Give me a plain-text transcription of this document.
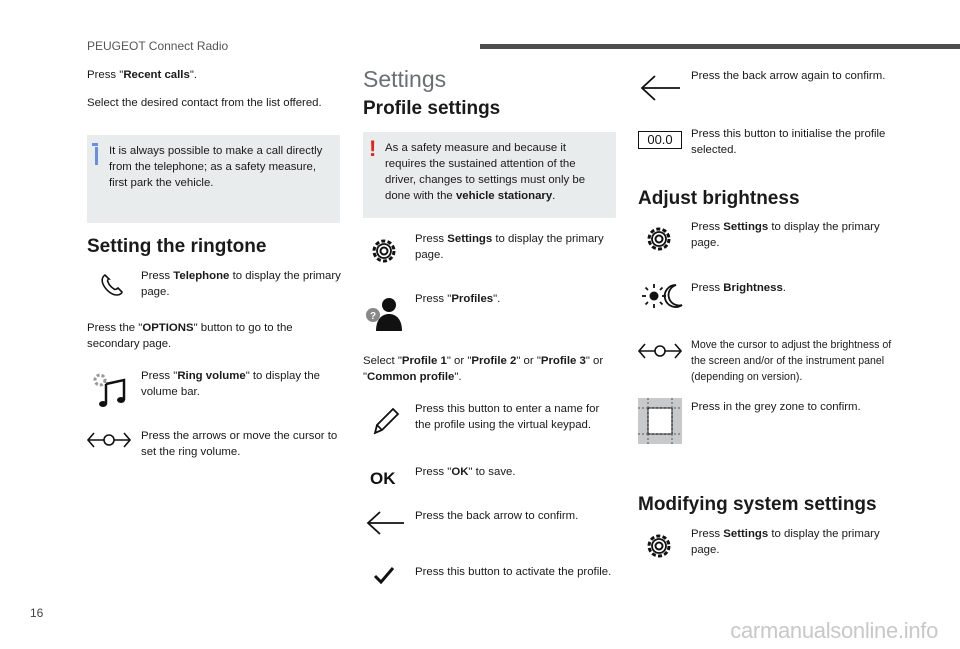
PEUGEOT Connect Radio
Press "Recent calls".
Select the desired contact from the list offered.
It is always possible to make a call directly from the telephone; as a safety measure, first park the vehicle.
Setting the ringtone
Press Telephone to display the primary page.
Press the "OPTIONS" button to go to the secondary page.
Press "Ring volume" to display the volume bar.
Press the arrows or move the cursor to set the ring volume.
Settings
Profile settings
! As a safety measure and because it requires the sustained attention of the driver, changes to settings must only be done with the vehicle stationary.
Press Settings to display the primary page.
?
Press "Profiles".
Select "Profile 1" or "Profile 2" or "Profile 3" or "Common profile".
Press this button to enter a name for the profile using the virtual keypad.
OK Press "OK" to save.
Press the back arrow to confirm.
Press this button to activate the profile.
Press the back arrow again to confirm.
00.0	Press this button to initialise the profile selected.
Adjust brightness
Press Settings to display the primary page.
Press Brightness.
Move the cursor to adjust the brightness of the screen and/or of the instrument panel (depending on version).
Press in the grey zone to confirm.
Modifying system settings
Press Settings to display the primary page.
16
carmanualsonline.info
